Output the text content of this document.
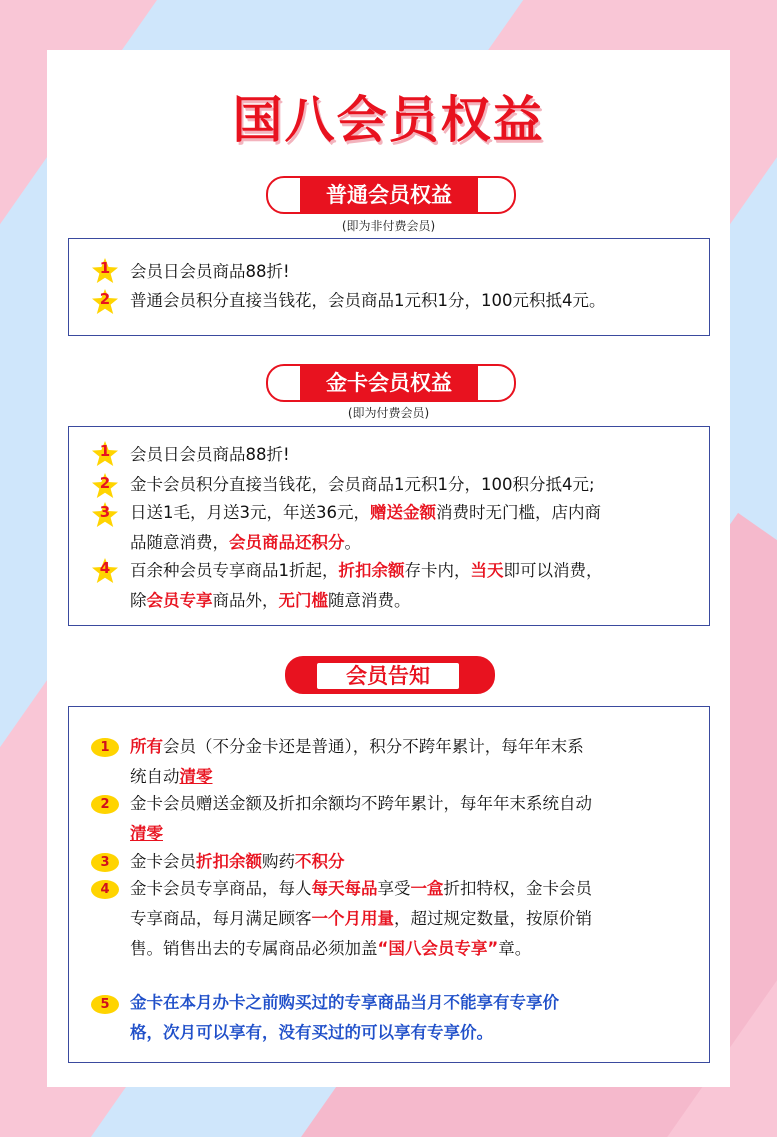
国八会员权益
普通会员权益
(即为非付费会员)
1	会员日会员商品88折!
2	普通会员积分直接当钱花，会员商品1元积1分，100元积抵4元。
金卡会员权益
(即为付费会员)
1	会员日会员商品88折!
2	金卡会员积分直接当钱花，会员商品1元积1分，100积分抵4元;
3	日送1毛，月送3元，年送36元，赠送金额消费时无门槛，店内商
品随意消费，会员商品还积分。
4	百余种会员专享商品1折起，折扣余额存卡内，当天即可以消费，
除会员专享商品外，无门槛随意消费。
会员告知
1	所有会员（不分金卡还是普通），积分不跨年累计，每年年末系
统自动清零
2	金卡会员赠送金额及折扣余额均不跨年累计，每年年末系统自动
清零
3	金卡会员折扣余额购药不积分
4	金卡会员专享商品，每人每天每品享受一盒折扣特权，金卡会员
专享商品，每月满足顾客一个月用量，超过规定数量，按原价销
售。销售出去的专属商品必须加盖“国八会员专享”章。
5	金卡在本月办卡之前购买过的专享商品当月不能享有专享价
格，次月可以享有，没有买过的可以享有专享价。
